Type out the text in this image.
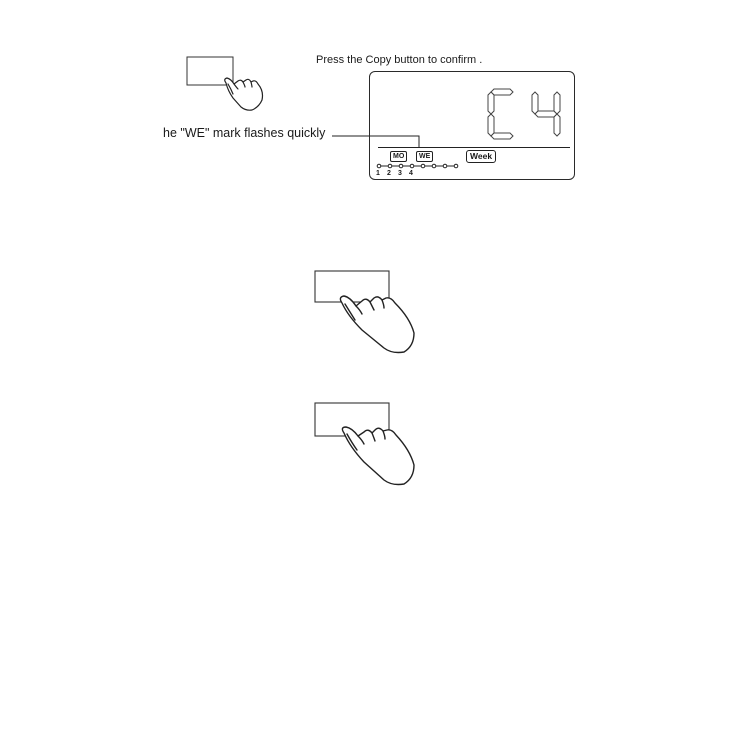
Press the Copy button to confirm .
he "WE" mark flashes quickly
MO	WE	Week
1 2 3 4
